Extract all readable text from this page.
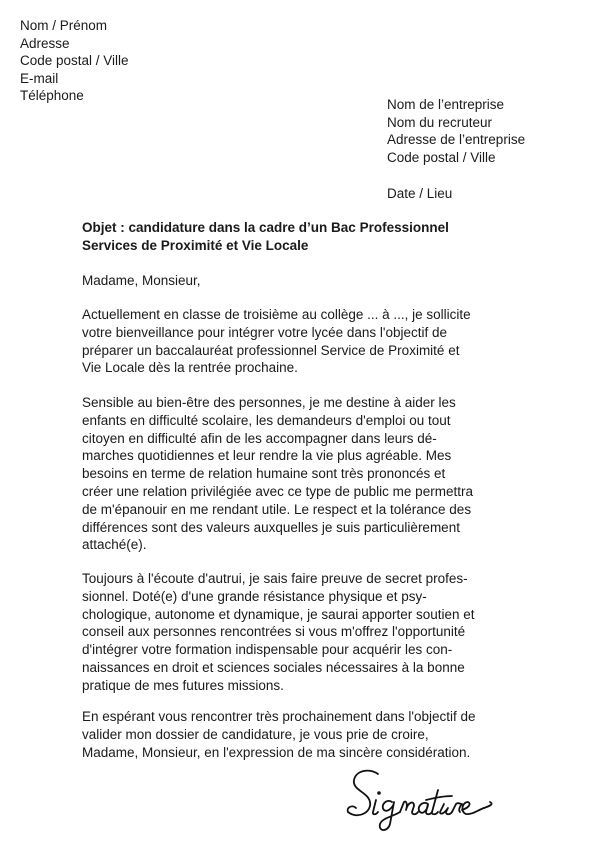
Nom / Prénom
Adresse
Code postal / Ville
E-mail
Téléphone
Nom de l’entreprise
Nom du recruteur
Adresse de l’entreprise
Code postal / Ville
Date / Lieu
Objet : candidature dans la cadre d’un Bac Professionnel
Services de Proximité et Vie Locale
Madame, Monsieur,
Actuellement en classe de troisième au collège ... à ..., je sollicite
votre bienveillance pour intégrer votre lycée dans l'objectif de
préparer un baccalauréat professionnel Service de Proximité et
Vie Locale dès la rentrée prochaine.
Sensible au bien-être des personnes, je me destine à aider les
enfants en difficulté scolaire, les demandeurs d'emploi ou tout
citoyen en difficulté afin de les accompagner dans leurs dé-
marches quotidiennes et leur rendre la vie plus agréable. Mes
besoins en terme de relation humaine sont très prononcés et
créer une relation privilégiée avec ce type de public me permettra
de m'épanouir en me rendant utile. Le respect et la tolérance des
différences sont des valeurs auxquelles je suis particulièrement
attaché(e).
Toujours à l'écoute d'autrui, je sais faire preuve de secret profes-
sionnel. Doté(e) d'une grande résistance physique et psy-
chologique, autonome et dynamique, je saurai apporter soutien et
conseil aux personnes rencontrées si vous m'offrez l'opportunité
d'intégrer votre formation indispensable pour acquérir les con-
naissances en droit et sciences sociales nécessaires à la bonne
pratique de mes futures missions.
En espérant vous rencontrer très prochainement dans l'objectif de
valider mon dossier de candidature, je vous prie de croire,
Madame, Monsieur, en l'expression de ma sincère considération.
